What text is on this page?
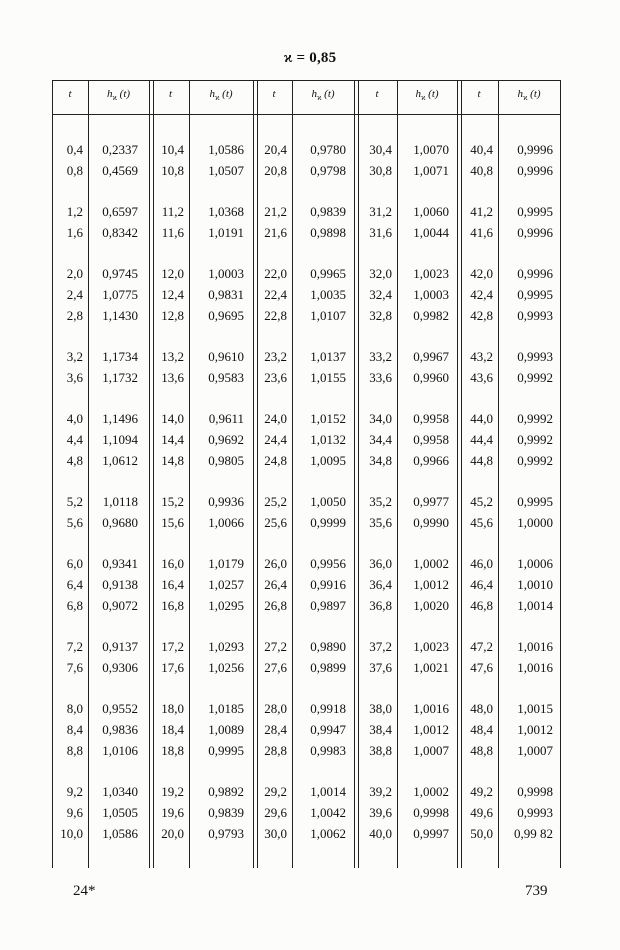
ϰ = 0,85
t	$h_ϰ$ (t)	t	$h_ϰ$ (t)	t	$h_ϰ$ (t)	t	$h_ϰ$ (t)	t	$h_ϰ$ (t)
0,4	0,2337	10,4	1,0586	20,4	0,9780	30,4	1,0070	40,4	0,9996
0,8	0,4569	10,8	1,0507	20,8	0,9798	30,8	1,0071	40,8	0,9996
1,2	0,6597	11,2	1,0368	21,2	0,9839	31,2	1,0060	41,2	0,9995
1,6	0,8342	11,6	1,0191	21,6	0,9898	31,6	1,0044	41,6	0,9996
2,0	0,9745	12,0	1,0003	22,0	0,9965	32,0	1,0023	42,0	0,9996
2,4	1,0775	12,4	0,9831	22,4	1,0035	32,4	1,0003	42,4	0,9995
2,8	1,1430	12,8	0,9695	22,8	1,0107	32,8	0,9982	42,8	0,9993
3,2	1,1734	13,2	0,9610	23,2	1,0137	33,2	0,9967	43,2	0,9993
3,6	1,1732	13,6	0,9583	23,6	1,0155	33,6	0,9960	43,6	0,9992
4,0	1,1496	14,0	0,9611	24,0	1,0152	34,0	0,9958	44,0	0,9992
4,4	1,1094	14,4	0,9692	24,4	1,0132	34,4	0,9958	44,4	0,9992
4,8	1,0612	14,8	0,9805	24,8	1,0095	34,8	0,9966	44,8	0,9992
5,2	1,0118	15,2	0,9936	25,2	1,0050	35,2	0,9977	45,2	0,9995
5,6	0,9680	15,6	1,0066	25,6	0,9999	35,6	0,9990	45,6	1,0000
6,0	0,9341	16,0	1,0179	26,0	0,9956	36,0	1,0002	46,0	1,0006
6,4	0,9138	16,4	1,0257	26,4	0,9916	36,4	1,0012	46,4	1,0010
6,8	0,9072	16,8	1,0295	26,8	0,9897	36,8	1,0020	46,8	1,0014
7,2	0,9137	17,2	1,0293	27,2	0,9890	37,2	1,0023	47,2	1,0016
7,6	0,9306	17,6	1,0256	27,6	0,9899	37,6	1,0021	47,6	1,0016
8,0	0,9552	18,0	1,0185	28,0	0,9918	38,0	1,0016	48,0	1,0015
8,4	0,9836	18,4	1,0089	28,4	0,9947	38,4	1,0012	48,4	1,0012
8,8	1,0106	18,8	0,9995	28,8	0,9983	38,8	1,0007	48,8	1,0007
9,2	1,0340	19,2	0,9892	29,2	1,0014	39,2	1,0002	49,2	0,9998
9,6	1,0505	19,6	0,9839	29,6	1,0042	39,6	0,9998	49,6	0,9993
10,0	1,0586	20,0	0,9793	30,0	1,0062	40,0	0,9997	50,0	0,99 82
24*	739
